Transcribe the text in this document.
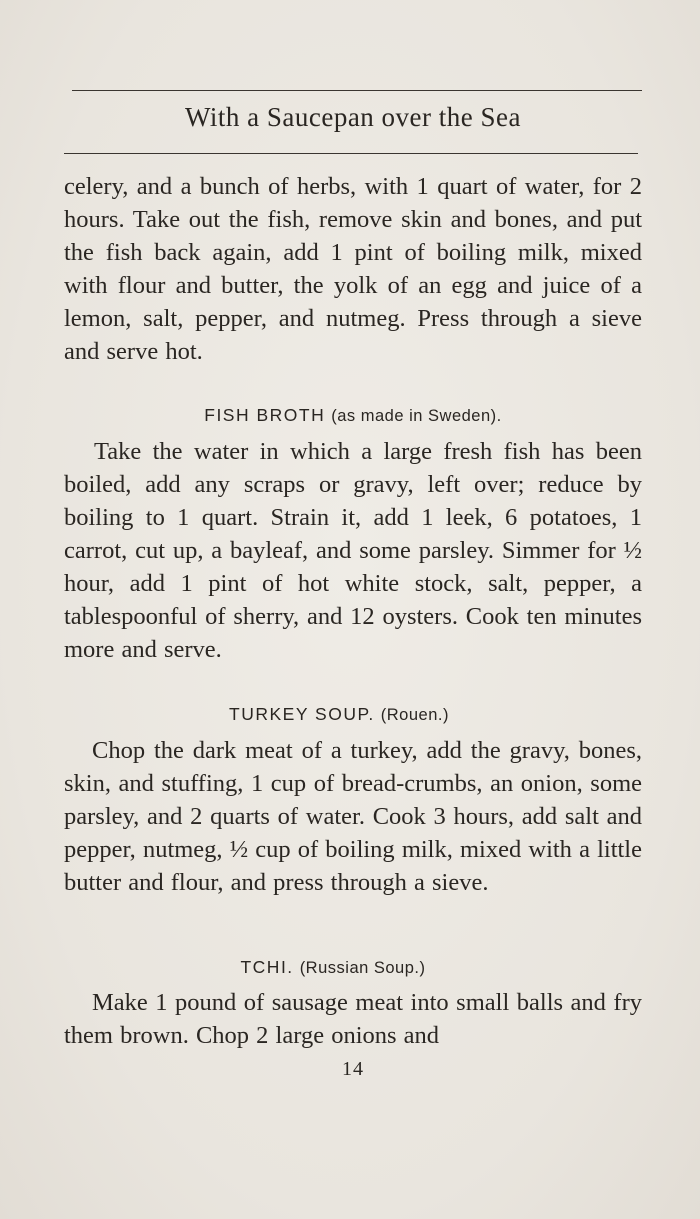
With a Saucepan over the Sea
celery, and a bunch of herbs, with 1 quart of water, for 2 hours. Take out the fish, remove skin and bones, and put the fish back again, add 1 pint of boiling milk, mixed with flour and butter, the yolk of an egg and juice of a lemon, salt, pepper, and nutmeg. Press through a sieve and serve hot.
FISH BROTH (as made in Sweden).
Take the water in which a large fresh fish has been boiled, add any scraps or gravy, left over; reduce by boiling to 1 quart. Strain it, add 1 leek, 6 potatoes, 1 carrot, cut up, a bayleaf, and some parsley. Simmer for ½ hour, add 1 pint of hot white stock, salt, pepper, a tablespoonful of sherry, and 12 oysters. Cook ten minutes more and serve.
TURKEY SOUP. (Rouen.)
Chop the dark meat of a turkey, add the gravy, bones, skin, and stuffing, 1 cup of bread-crumbs, an onion, some parsley, and 2 quarts of water. Cook 3 hours, add salt and pepper, nutmeg, ½ cup of boiling milk, mixed with a little butter and flour, and press through a sieve.
TCHI. (Russian Soup.)
Make 1 pound of sausage meat into small balls and fry them brown. Chop 2 large onions and
14
